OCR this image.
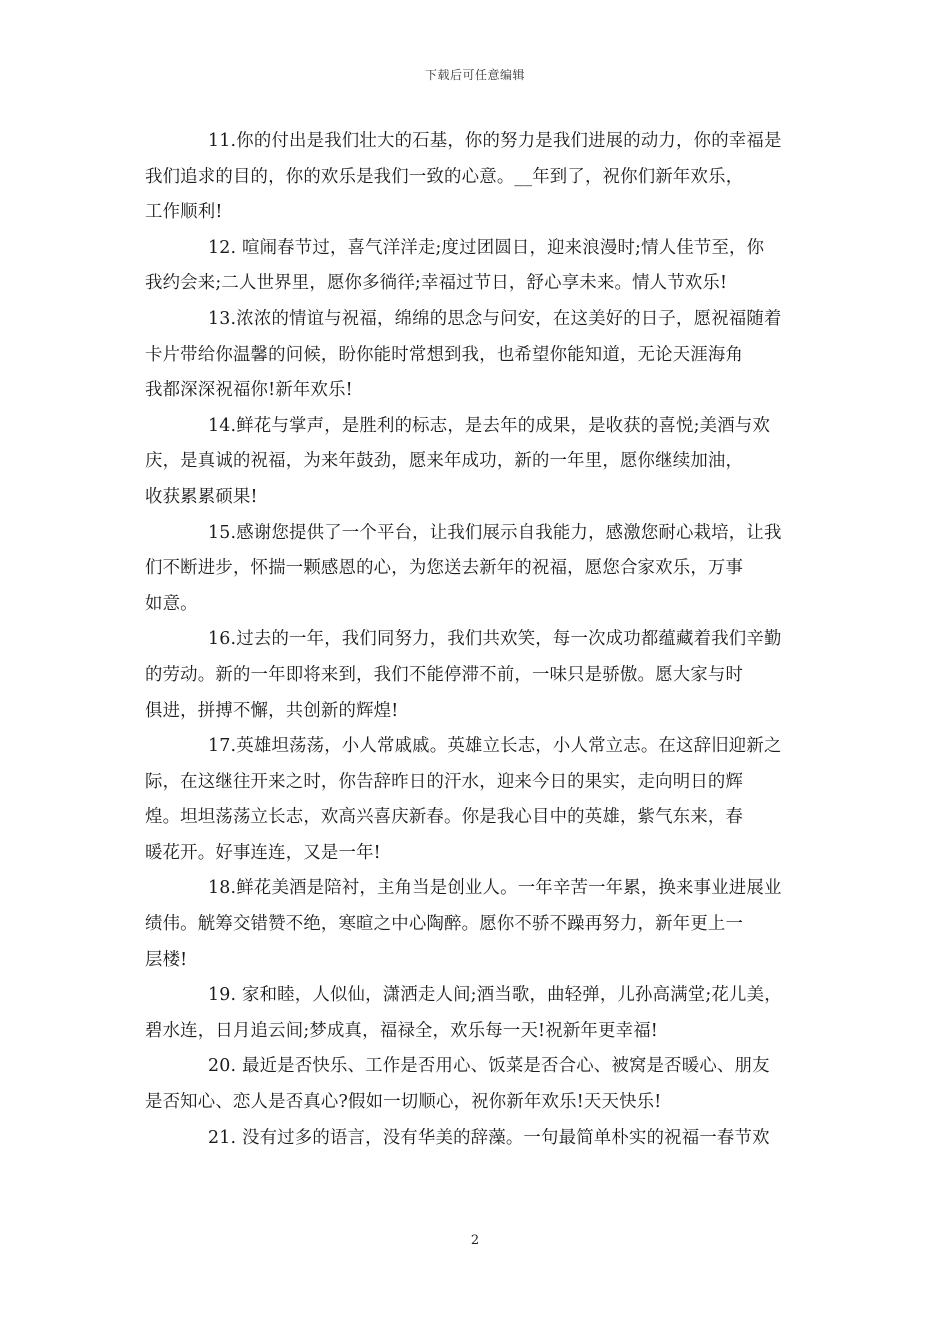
下载后可任意编辑
11.你的付出是我们壮大的石基，你的努力是我们进展的动力，你的幸福是
我们追求的目的，你的欢乐是我们一致的心意。__年到了，祝你们新年欢乐，
工作顺利!
12. 喧闹春节过，喜气洋洋走;度过团圆日，迎来浪漫时;情人佳节至，你
我约会来;二人世界里，愿你多徜徉;幸福过节日，舒心享未来。情人节欢乐!
13.浓浓的情谊与祝福，绵绵的思念与问安，在这美好的日子，愿祝福随着
卡片带给你温馨的问候，盼你能时常想到我，也希望你能知道，无论天涯海角
我都深深祝福你!新年欢乐!
14.鲜花与掌声，是胜利的标志，是去年的成果，是收获的喜悦;美酒与欢
庆，是真诚的祝福，为来年鼓劲，愿来年成功，新的一年里，愿你继续加油，
收获累累硕果!
15.感谢您提供了一个平台，让我们展示自我能力，感激您耐心栽培，让我
们不断进步，怀揣一颗感恩的心，为您送去新年的祝福，愿您合家欢乐，万事
如意。
16.过去的一年，我们同努力，我们共欢笑，每一次成功都蕴藏着我们辛勤
的劳动。新的一年即将来到，我们不能停滞不前，一味只是骄傲。愿大家与时
俱进，拼搏不懈，共创新的辉煌!
17.英雄坦荡荡，小人常戚戚。英雄立长志，小人常立志。在这辞旧迎新之
际，在这继往开来之时，你告辞昨日的汗水，迎来今日的果实，走向明日的辉
煌。坦坦荡荡立长志，欢高兴喜庆新春。你是我心目中的英雄，紫气东来，春
暖花开。好事连连，又是一年!
18.鲜花美酒是陪衬，主角当是创业人。一年辛苦一年累，换来事业进展业
绩伟。觥筹交错赞不绝，寒暄之中心陶醉。愿你不骄不躁再努力，新年更上一
层楼!
19. 家和睦，人似仙，潇洒走人间;酒当歌，曲轻弹，儿孙高满堂;花儿美，
碧水连，日月追云间;梦成真，福禄全，欢乐每一天!祝新年更幸福!
20. 最近是否快乐、工作是否用心、饭菜是否合心、被窝是否暖心、朋友
是否知心、恋人是否真心?假如一切顺心，祝你新年欢乐!天天快乐!
21. 没有过多的语言，没有华美的辞藻。一句最简单朴实的祝福一春节欢
2
